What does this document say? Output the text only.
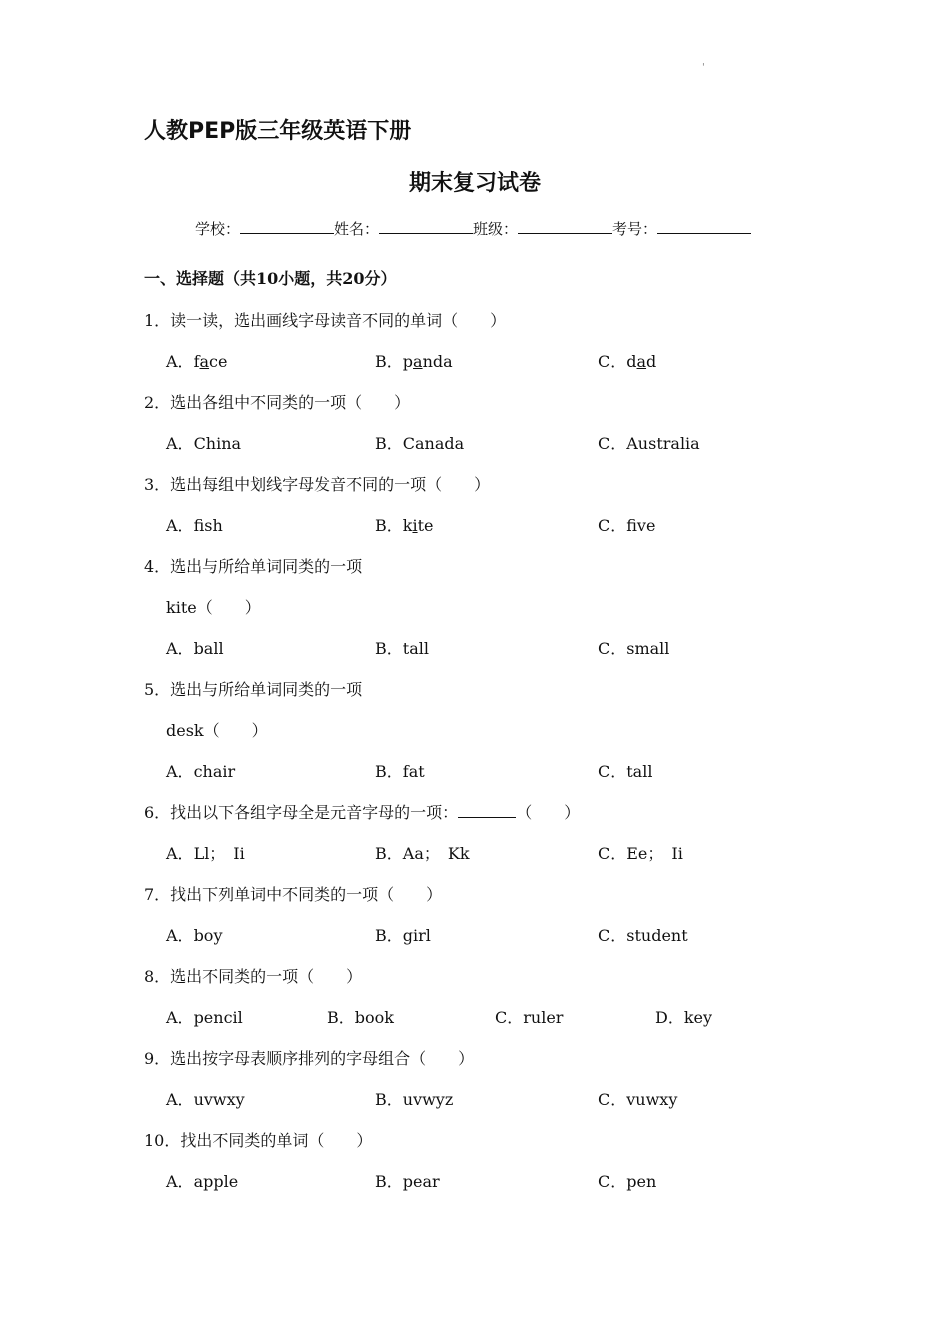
'
人教PEP版三年级英语下册
期末复习试卷
学校：	姓名：	班级：	考号：
一、选择题（共10小题，共20分）
1．读一读，选出画线字母读音不同的单词（　　）
A．face	B．panda	C．dad
2．选出各组中不同类的一项（　　）
A．China	B．Canada	C．Australia
3．选出每组中划线字母发音不同的一项（　　）
A．fsh	B．kite	C．fve
4．选出与所给单词同类的一项
kite（　　）
A．ball	B．tall	C．small
5．选出与所给单词同类的一项
desk（　　）
A．chair	B．fat	C．tall
6．找出以下各组字母全是元音字母的一项：	（　　）
A．Ll；　Ii	B．Aa；　Kk	C．Ee；　Ii
7．找出下列单词中不同类的一项（　　）
A．boy	B．girl	C．student
8．选出不同类的一项（　　）
A．pencil	B．book	C．ruler	D．key
9．选出按字母表顺序排列的字母组合（　　）
A．uvwxy	B．uvwyz	C．vuwxy
10．找出不同类的单词（　　）
A．apple	B．pear	C．pen
